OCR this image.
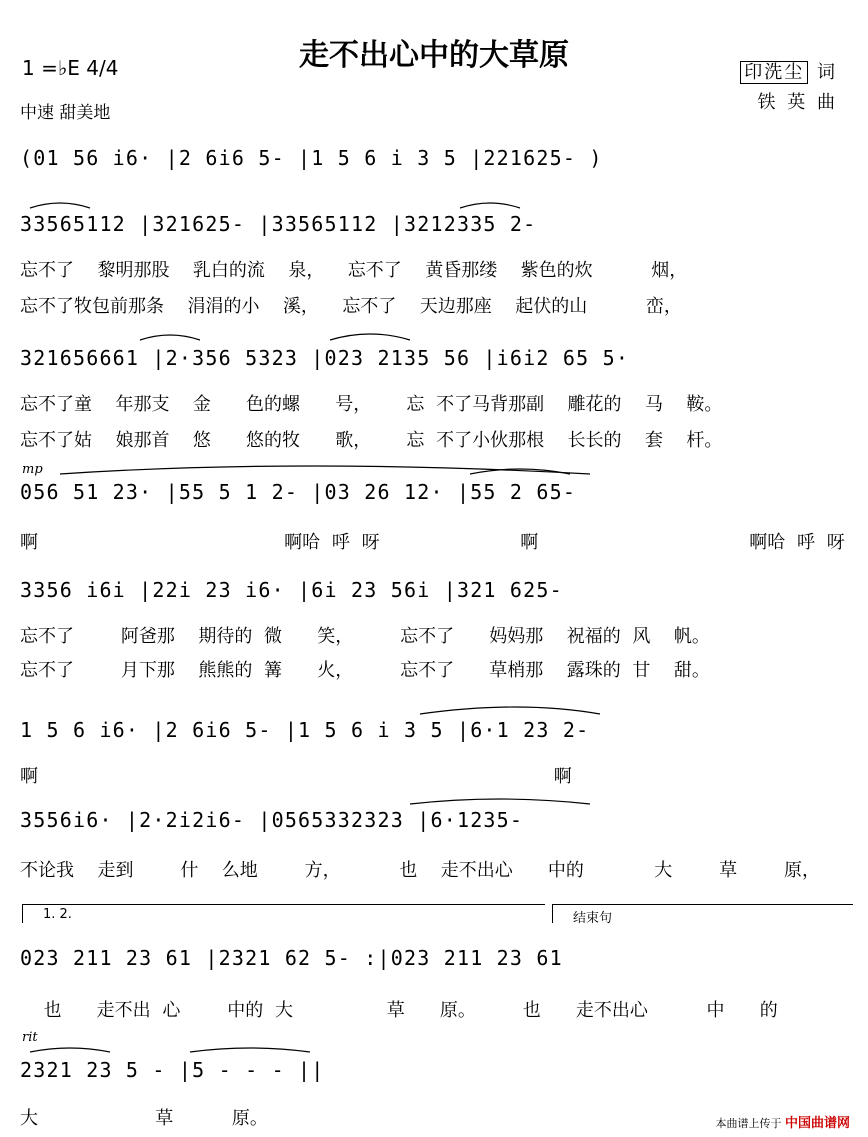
走不出心中的大草原
1 =♭E 4/4
中速 甜美地
印洗尘 词
铁 英 曲
(01 56 i6· |2 6i6 5- |1 5 6 i 3 5 |221625- )
33565112 |321625- |33565112 |3212335 2-
忘不了  黎明那股  乳白的流  泉，  忘不了  黄昏那缕  紫色的炊     烟，
忘不了牧包前那条  涓涓的小  溪，  忘不了  天边那座  起伏的山     峦，
321656661 |2·356 5323 |023 2135 56 |i6i2 65 5·
忘不了童  年那支  金   色的螺   号，   忘 不了马背那副  雕花的  马  鞍。
忘不了姑  娘那首  悠   悠的牧   歌，   忘 不了小伙那根  长长的  套  杆。
mp
056 51 23· |55 5 1 2- |03 26 12· |55 2 65-
啊                     啊哈 呼 呀            啊                  啊哈 呼 呀
3356 i6i |22i 23 i6· |6i 23 56i |321 625-
忘不了    阿爸那  期待的 微   笑，    忘不了   妈妈那  祝福的 风  帆。
忘不了    月下那  熊熊的 篝   火，    忘不了   草梢那  露珠的 甘  甜。
1 5 6 i6· |2 6i6 5- |1 5 6 i 3 5 |6·1 23 2-
啊                                            啊
3556i6· |2·2i2i6- |0565332323 |6·1235-
不论我  走到    什  么地    方，     也  走不出心   中的      大    草    原，
1. 2.	结束句
023 211 23 61 |2321 62 5- :|023 211 23 61
也   走不出 心    中的 大        草   原。    也   走不出心     中   的
rit
2321 23 5 - |5 - - - ||
大          草     原。	本曲谱上传于 中国曲谱网
